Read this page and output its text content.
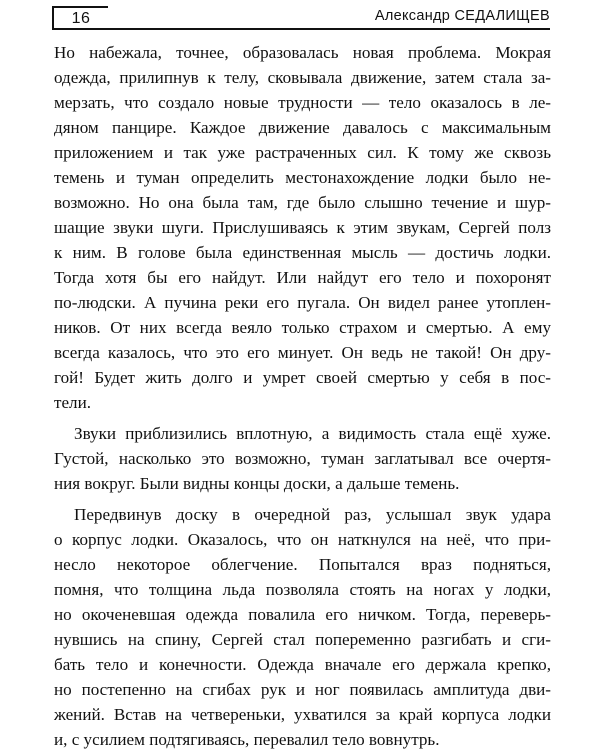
16	Александр СЕДАЛИЩЕВ
Но набежала, точнее, образовалась новая проблема. Мокрая
одежда, прилипнув к телу, сковывала движение, затем стала за-
мерзать, что создало новые трудности — тело оказалось в ле-
дяном панцире. Каждое движение давалось с максимальным
приложением и так уже растраченных сил. К тому же сквозь
темень и туман определить местонахождение лодки было не-
возможно. Но она была там, где было слышно течение и шур-
шащие звуки шуги. Прислушиваясь к этим звукам, Сергей полз
к ним. В голове была единственная мысль — достичь лодки.
Тогда хотя бы его найдут. Или найдут его тело и похоронят
по-людски. А пучина реки его пугала. Он видел ранее утоплен-
ников. От них всегда веяло только страхом и смертью. А ему
всегда казалось, что это его минует. Он ведь не такой! Он дру-
гой! Будет жить долго и умрет своей смертью у себя в пос-
тели.
Звуки приблизились вплотную, а видимость стала ещё хуже.
Густой, насколько это возможно, туман заглатывал все очертя-
ния вокруг. Были видны концы доски, а дальше темень.
Передвинув доску в очередной раз, услышал звук удара
о корпус лодки. Оказалось, что он наткнулся на неё, что при-
несло некоторое облегчение. Попытался враз подняться,
помня, что толщина льда позволяла стоять на ногах у лодки,
но окоченевшая одежда повалила его ничком. Тогда, переверь-
нувшись на спину, Сергей стал попеременно разгибать и сги-
бать тело и конечности. Одежда вначале его держала крепко,
но постепенно на сгибах рук и ног появилась амплитуда дви-
жений. Встав на четвереньки, ухватился за край корпуса лодки
и, с усилием подтягиваясь, перевалил тело вовнутрь.
